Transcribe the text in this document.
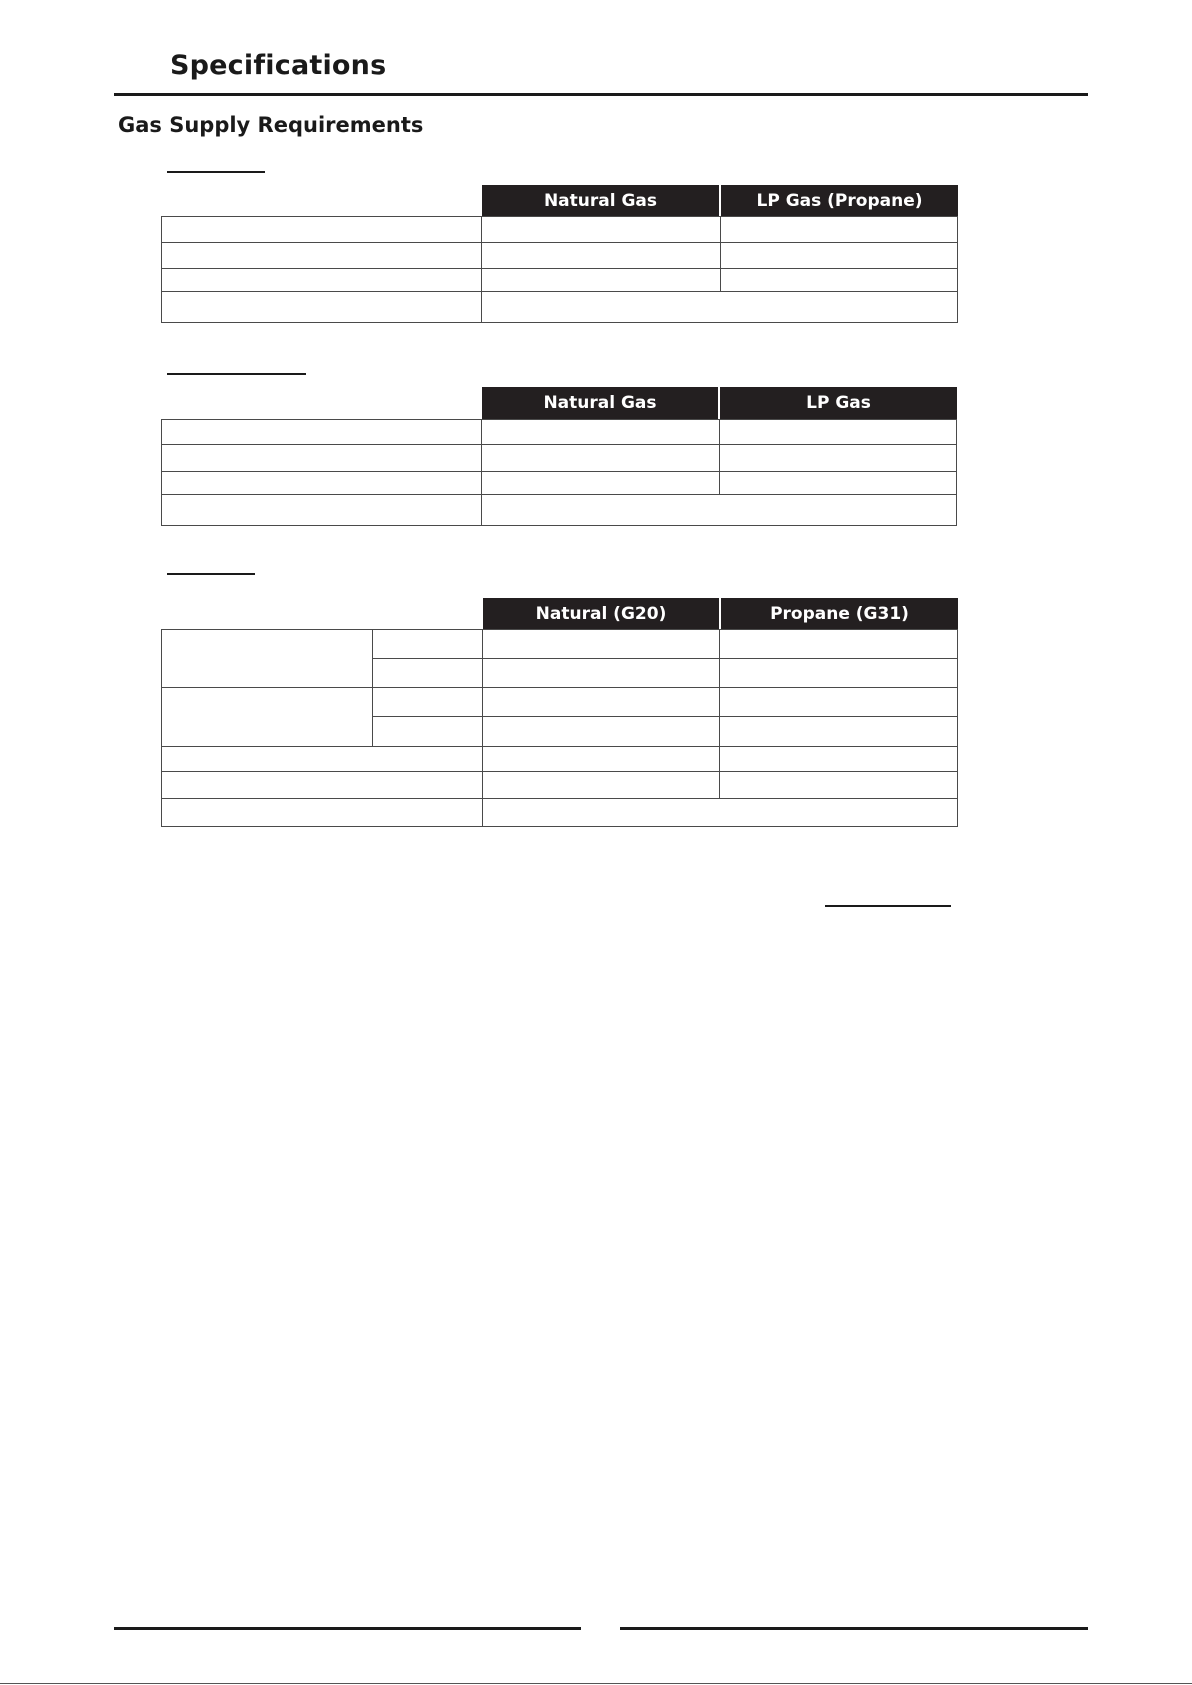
Specifications
Gas Supply Requirements
Natural Gas	LP Gas (Propane)
Natural Gas	LP Gas
Natural (G20)	Propane (G31)
